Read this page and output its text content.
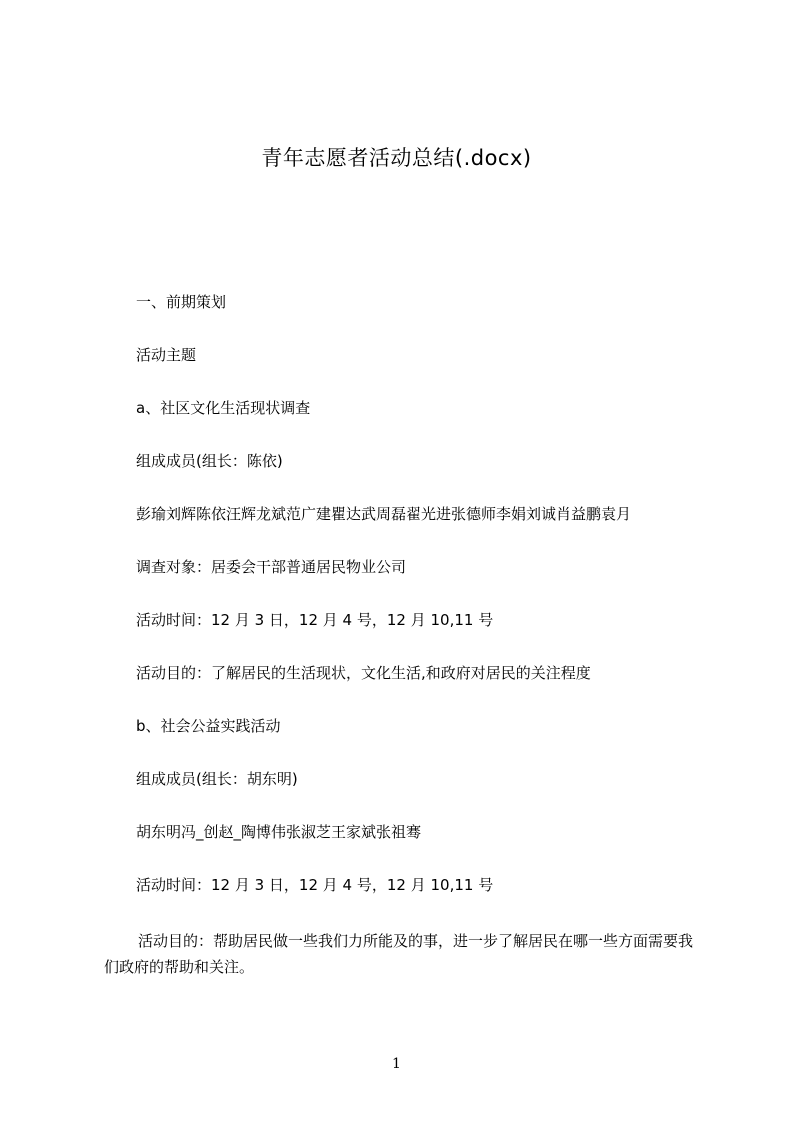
青年志愿者活动总结(.docx)
一、前期策划
活动主题
a、社区文化生活现状调查
组成成员(组长：陈依)
彭瑜刘辉陈依汪辉龙斌范广建瞿达武周磊翟光进张德师李娟刘诚肖益鹏袁月
调查对象：居委会干部普通居民物业公司
活动时间：12 月 3 日，12 月 4 号，12 月 10,11 号
活动目的：了解居民的生活现状，文化生活,和政府对居民的关注程度
b、社会公益实践活动
组成成员(组长：胡东明)
胡东明冯_创赵_陶博伟张淑芝王家斌张祖骞
活动时间：12 月 3 日，12 月 4 号，12 月 10,11 号
活动目的：帮助居民做一些我们力所能及的事，进一步了解居民在哪一些方面需要我们政府的帮助和关注。
1
